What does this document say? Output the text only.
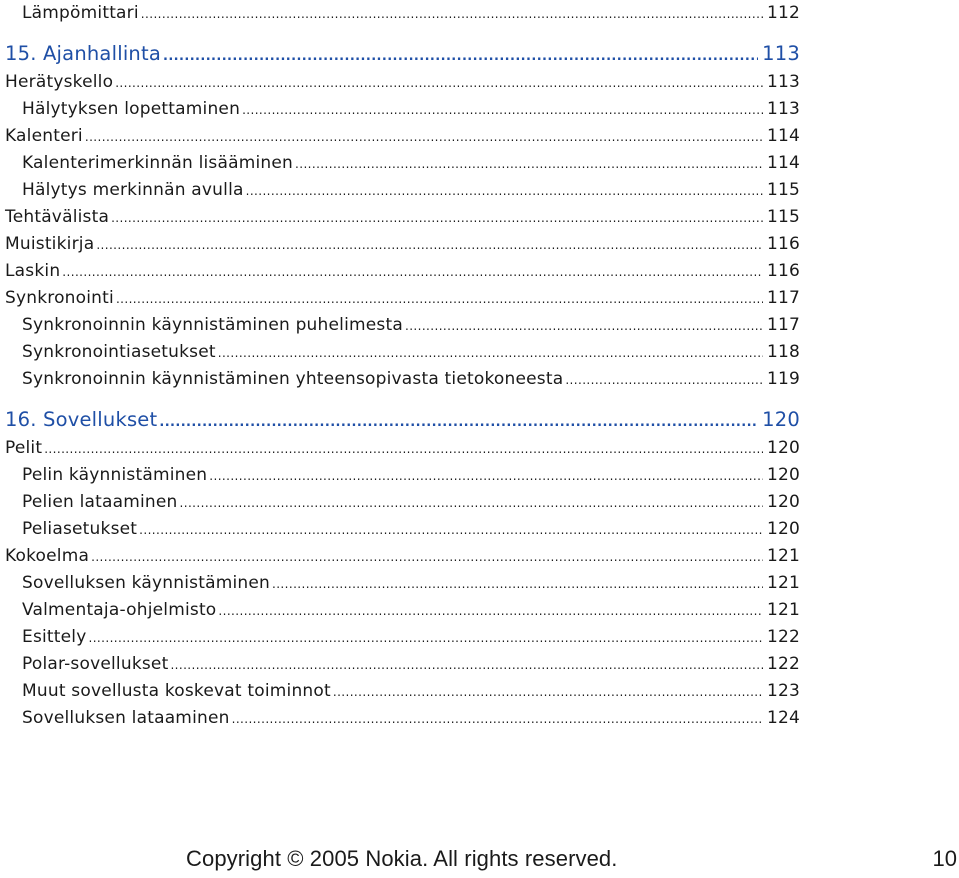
Lämpömittari .....	112
15. Ajanhallinta .....	113
Herätyskello .....	113
Hälytyksen lopettaminen .....	113
Kalenteri .....	114
Kalenterimerkinnän lisääminen .....	114
Hälytys merkinnän avulla .....	115
Tehtävälista .....	115
Muistikirja .....	116
Laskin .....	116
Synkronointi .....	117
Synkronoinnin käynnistäminen puhelimesta .....	117
Synkronointiasetukset .....	118
Synkronoinnin käynnistäminen yhteensopivasta tietokoneesta .....	119
16. Sovellukset .....	120
Pelit .....	120
Pelin käynnistäminen .....	120
Pelien lataaminen .....	120
Peliasetukset .....	120
Kokoelma .....	121
Sovelluksen käynnistäminen .....	121
Valmentaja-ohjelmisto .....	121
Esittely .....	122
Polar-sovellukset .....	122
Muut sovellusta koskevat toiminnot .....	123
Sovelluksen lataaminen .....	124
Copyright © 2005 Nokia. All rights reserved.	10
